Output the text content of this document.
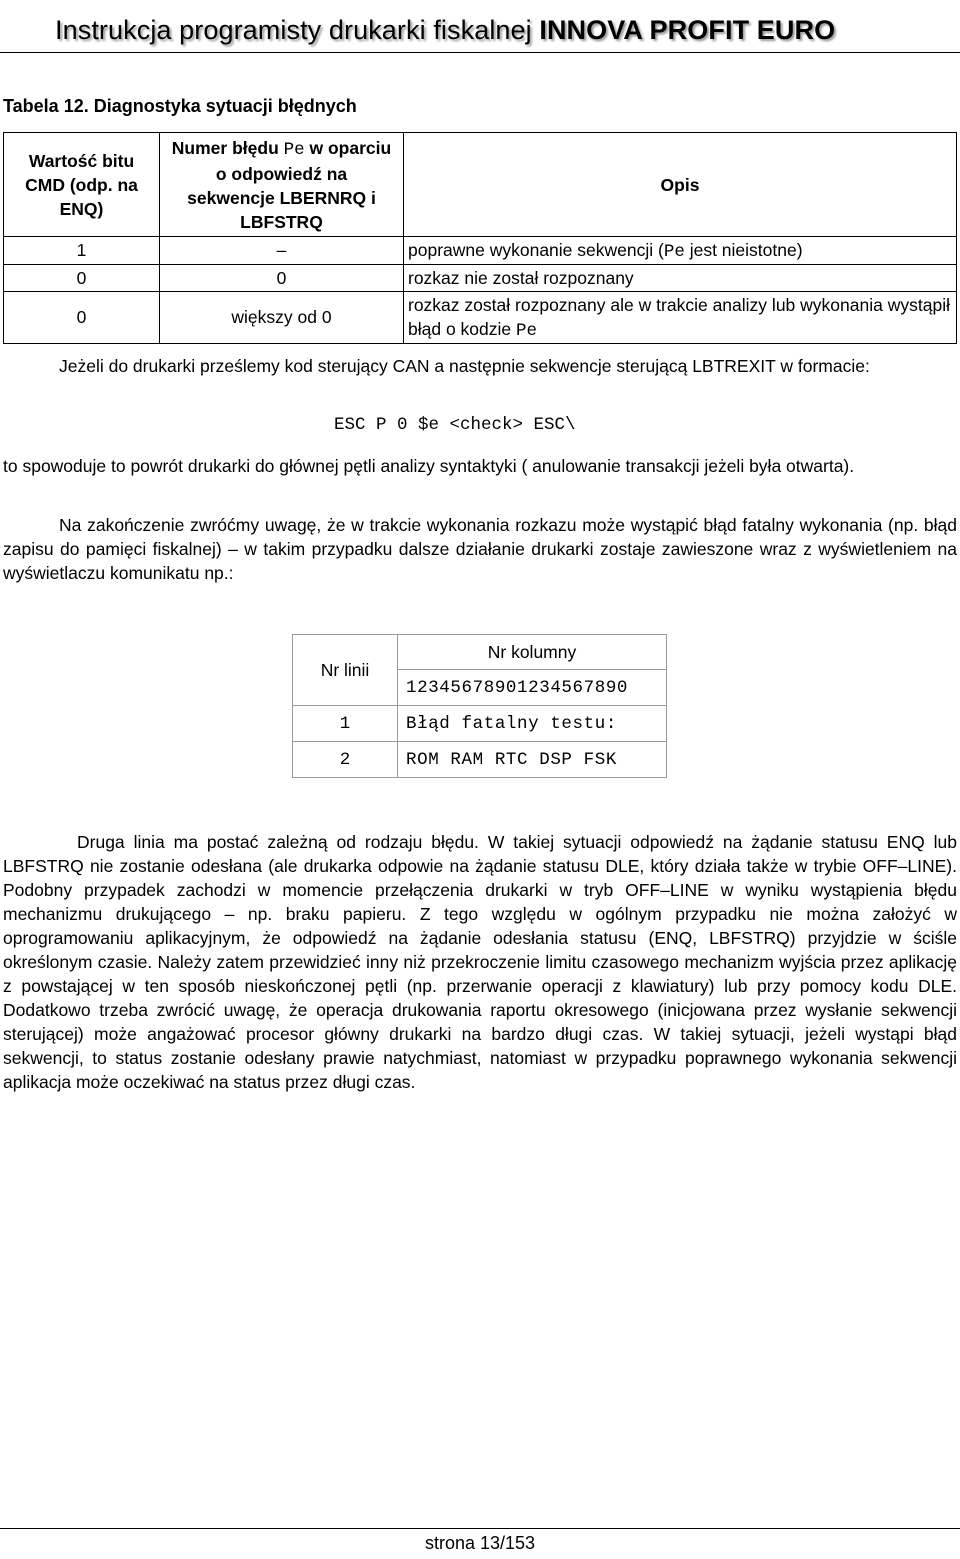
Instrukcja programisty drukarki fiskalnej INNOVA PROFIT EURO
Tabela 12. Diagnostyka sytuacji błędnych
Wartość bitu CMD (odp. na ENQ)	Numer błędu Pe w oparciu o odpowiedź na sekwencje LBERNRQ i LBFSTRQ	Opis
1	–	poprawne wykonanie sekwencji (Pe jest nieistotne)
0	0	rozkaz nie został rozpoznany
0	większy od 0	rozkaz został rozpoznany ale w trakcie analizy lub wykonania wystąpił błąd o kodzie Pe
Jeżeli do drukarki prześlemy kod sterujący CAN a następnie sekwencje sterującą LBTREXIT w formacie:
ESC P 0 $e <check> ESC\
to spowoduje to powrót drukarki do głównej pętli analizy syntaktyki ( anulowanie transakcji jeżeli była otwarta).
Na zakończenie zwróćmy uwagę, że w trakcie wykonania rozkazu może wystąpić błąd fatalny wykonania (np. błąd zapisu do pamięci fiskalnej) – w takim przypadku dalsze działanie drukarki zostaje zawieszone wraz z wyświetleniem na wyświetlaczu komunikatu np.:
Nr linii	Nr kolumny
	12345678901234567890
1	Błąd fatalny testu:
2	ROM RAM RTC DSP FSK
Druga linia ma postać zależną od rodzaju błędu. W takiej sytuacji odpowiedź na żądanie statusu ENQ lub LBFSTRQ nie zostanie odesłana (ale drukarka odpowie na żądanie statusu DLE, który działa także w trybie OFF–LINE). Podobny przypadek zachodzi w momencie przełączenia drukarki w tryb OFF–LINE w wyniku wystąpienia błędu mechanizmu drukującego – np. braku papieru. Z tego względu w ogólnym przypadku nie można założyć w oprogramowaniu aplikacyjnym, że odpowiedź na żądanie odesłania statusu (ENQ, LBFSTRQ) przyjdzie w ściśle określonym czasie. Należy zatem przewidzieć inny niż przekroczenie limitu czasowego mechanizm wyjścia przez aplikację z powstającej w ten sposób nieskończonej pętli (np. przerwanie operacji z klawiatury) lub przy pomocy kodu DLE. Dodatkowo trzeba zwrócić uwagę, że operacja drukowania raportu okresowego (inicjowana przez wysłanie sekwencji sterującej) może angażować procesor główny drukarki na bardzo długi czas. W takiej sytuacji, jeżeli wystąpi błąd sekwencji, to status zostanie odesłany prawie natychmiast, natomiast w przypadku poprawnego wykonania sekwencji aplikacja może oczekiwać na status przez długi czas.
strona 13/153
